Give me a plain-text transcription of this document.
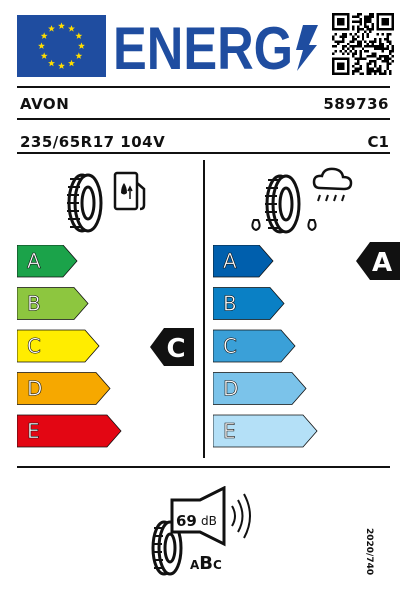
ENERG
AVON	589736
235/65R17 104V	C1
A
B
C
D
E
C
A
B
C
D
E
A
69 dB
ABC	2020/740
